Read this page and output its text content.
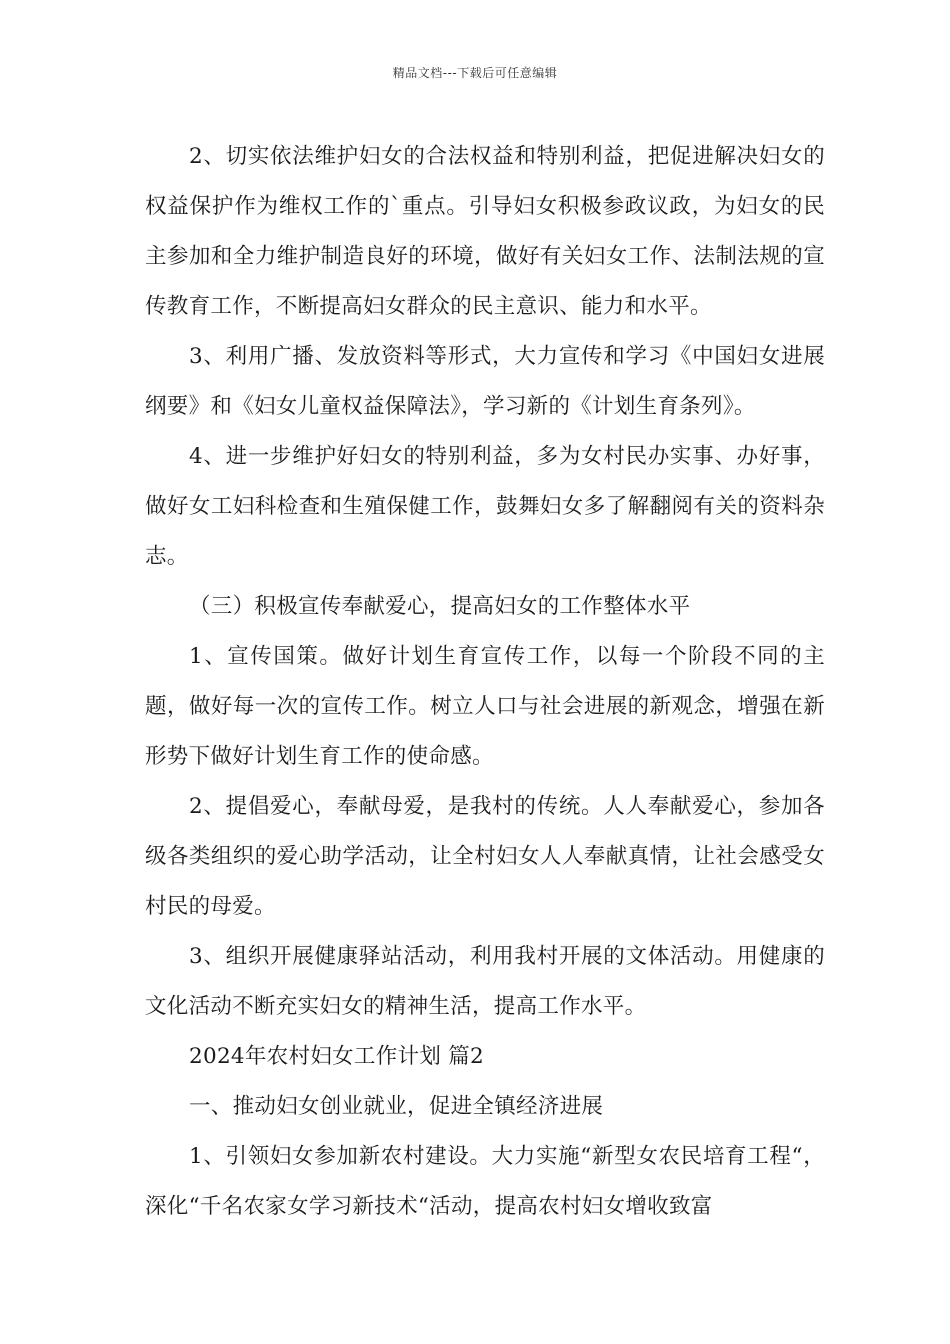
精品文档---下载后可任意编辑

2、切实依法维护妇女的合法权益和特别利益，把促进解决妇女的权益保护作为维权工作的`重点。引导妇女积极参政议政，为妇女的民主参加和全力维护制造良好的环境，做好有关妇女工作、法制法规的宣传教育工作，不断提高妇女群众的民主意识、能力和水平。

3、利用广播、发放资料等形式，大力宣传和学习《中国妇女进展纲要》和《妇女儿童权益保障法》，学习新的《计划生育条列》。

4、进一步维护好妇女的特别利益，多为女村民办实事、办好事，做好女工妇科检查和生殖保健工作，鼓舞妇女多了解翻阅有关的资料杂志。

（三）积极宣传奉献爱心，提高妇女的工作整体水平

1、宣传国策。做好计划生育宣传工作，以每一个阶段不同的主题，做好每一次的宣传工作。树立人口与社会进展的新观念，增强在新形势下做好计划生育工作的使命感。

2、提倡爱心，奉献母爱，是我村的传统。人人奉献爱心，参加各级各类组织的爱心助学活动，让全村妇女人人奉献真情，让社会感受女村民的母爱。

3、组织开展健康驿站活动，利用我村开展的文体活动。用健康的文化活动不断充实妇女的精神生活，提高工作水平。

2024年农村妇女工作计划 篇2

一、推动妇女创业就业，促进全镇经济进展

1、引领妇女参加新农村建设。大力实施“新型女农民培育工程“，深化“千名农家女学习新技术“活动，提高农村妇女增收致富
